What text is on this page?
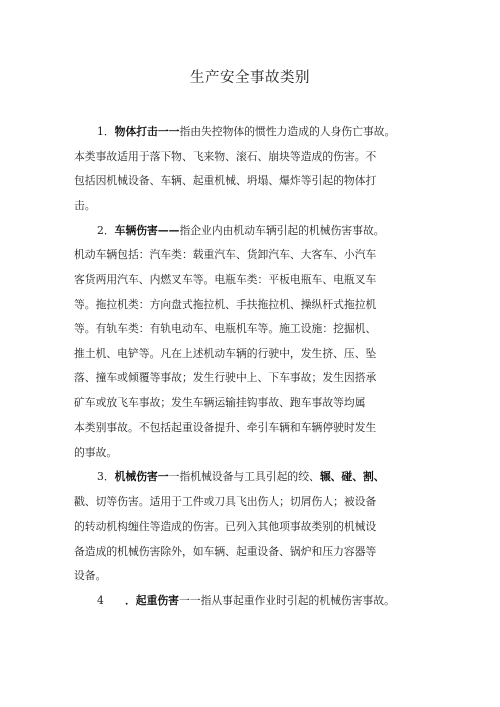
生产安全事故类别
1．物体打击一一指由失控物体的惯性力造成的人身伤亡事故。
本类事故适用于落下物、飞来物、滚石、崩块等造成的伤害。不
包括因机械设备、车辆、起重机械、坍塌、爆炸等引起的物体打
击。
2．车辆伤害——指企业内由机动车辆引起的机械伤害事故。
机动车辆包括：汽车类：载重汽车、货卸汽车、大客车、小汽车
客货两用汽车、内燃叉车等。电瓶车类：平板电瓶车、电瓶叉车
等。拖拉机类：方向盘式拖拉机、手扶拖拉机、操纵杆式拖拉机
等。有轨车类：有轨电动车、电瓶机车等。施工设施：挖掘机、
推土机、电铲等。凡在上述机动车辆的行驶中，发生挤、压、坠
落、撞车或倾覆等事故；发生行驶中上、下车事故；发生因搭承
矿车或放飞车事故；发生车辆运输挂钩事故、跑车事故等均属
本类别事故。不包括起重设备提升、牵引车辆和车辆停驶时发生
的事故。
3．机械伤害一一指机械设备与工具引起的绞、辗、碰、割、
戳、切等伤害。适用于工件或刀具飞出伤人；切屑伤人；被设备
的转动机构缠住等造成的伤害。已列入其他项事故类别的机械设
备造成的机械伤害除外，如车辆、起重设备、锅炉和压力容器等
设备。
4 ．起重伤害一一指从事起重作业时引起的机械伤害事故。
